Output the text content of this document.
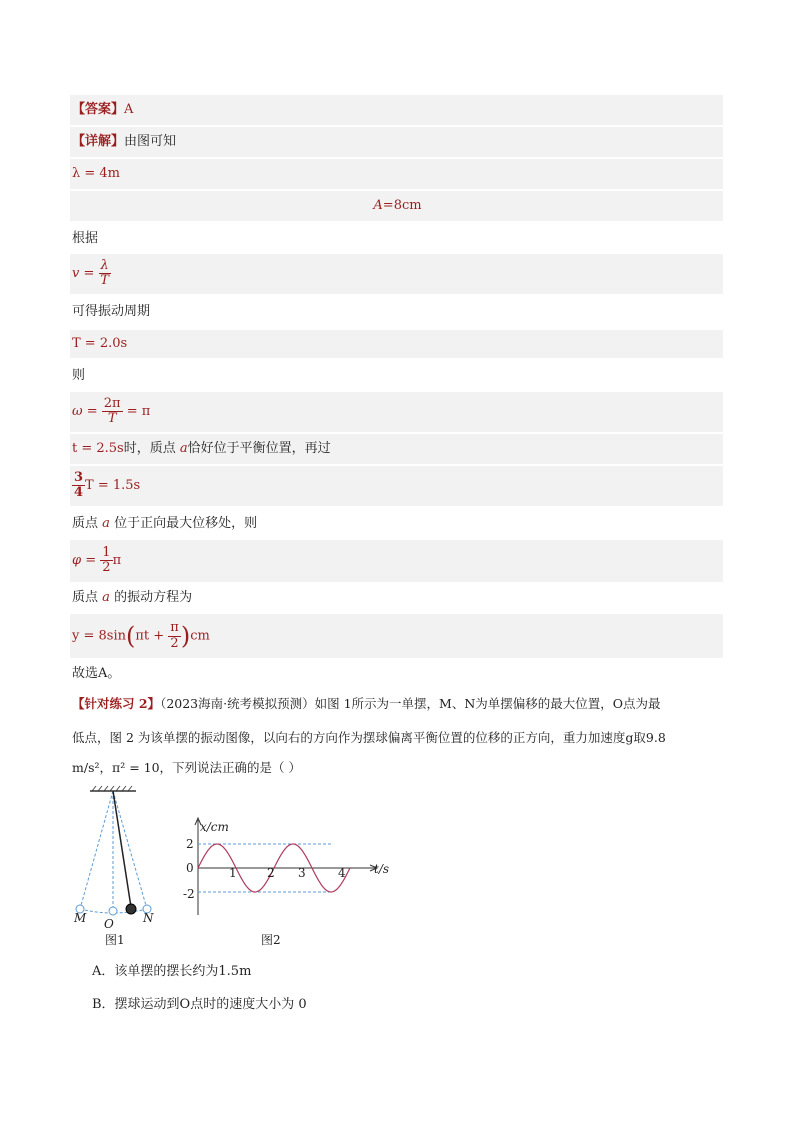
【答案】A
【详解】由图可知
λ = 4m
A=8cm
根据
$v = \frac{\lambda}{T}$
可得振动周期
T = 2.0s
则
$\omega = \frac{2\pi}{T} = \pi$
t = 2.5s时，质点 a恰好位于平衡位置，再过
$\frac{3}{4}$ T = 1.5s
质点 a 位于正向最大位移处，则
$\varphi = \frac{1}{2}$ π
质点 a 的振动方程为
$y = 8\sin(\pi t + \frac{\pi}{2} )cm$
故选A。
【针对练习 2】（2023海南·统考模拟预测）如图 1所示为一单摆，M、N为单摆偏移的最大位置，O点为最
低点，图 2 为该单摆的振动图像，以向右的方向作为摆球偏离平衡位置的位移的正方向，重力加速度g取9.8
m/s²，π² = 10，下列说法正确的是（ ）
M O N
图1
x/cm
t/s
2
0
-2
1	2 3	4
图2
A．该单摆的摆长约为1.5m
B．摆球运动到O点时的速度大小为 0
